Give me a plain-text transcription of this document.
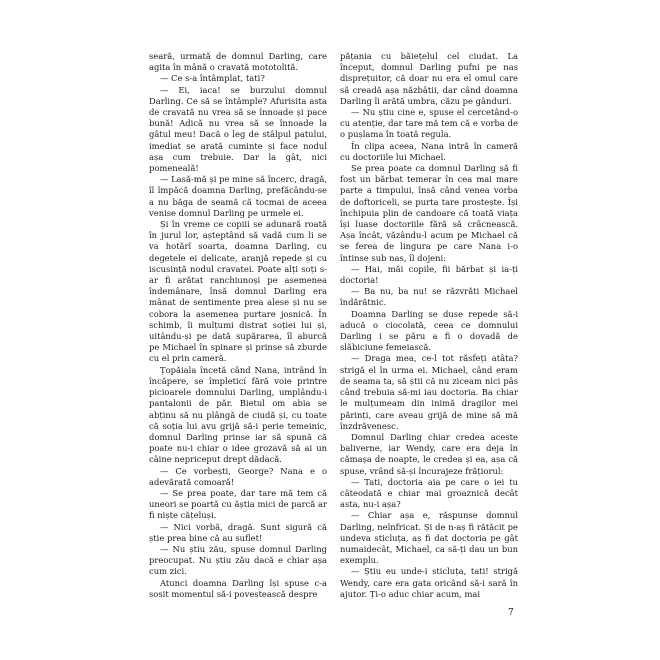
seară, urmată de domnul Darling, care agita în mână o cravată mototolită.

— Ce s-a întâmplat, tati?

— Ei, iaca! se burzului domnul Darling. Ce să se întâmple? Afurisita asta de cravată nu vrea să se înnoade și pace bună! Adică nu vrea să se înnoade la gâtul meu! Dacă o leg de stâlpul patului, imediat se arată cuminte și face nodul așa cum trebuie. Dar la gât, nici pomeneală!

— Lasă-mă și pe mine să încerc, dragă, îl împăcă doamna Darling, prefăcându-se a nu băga de seamă că tocmai de aceea venise domnul Darling pe urmele ei.

Și în vreme ce copiii se adunară roată în jurul lor, așteptând să vadă cum li se va hotărî soarta, doamna Darling, cu degetele ei delicate, aranjă repede și cu iscusință nodul cravatei. Poate alți soți s-ar fi arătat ranchiunoși pe asemenea îndemânare, însă domnul Darling era mânat de sentimente prea alese și nu se cobora la asemenea purtare josnică. În schimb, îi mulțumi distrat soției lui și, uitându-și pe dată supărarea, îl aburcă pe Michael în spinare și prinse să zburde cu el prin cameră.

Țopăiala încetă când Nana, intrând în încăpere, se împleticí fără voie printre picioarele domnului Darling, umplându-i pantalonii de păr. Bietul om abia se abținu să nu plângă de ciudă și, cu toate că soția lui avu grijă să-i perie temeinic, domnul Darling prinse iar să spună că poate nu-i chiar o idee grozavă să ai un câine nepriceput drept dădacă.

— Ce vorbești, George? Nana e o adevărată comoară!

— Se prea poate, dar tare mă tem că uneori se poartă cu ăștia mici de parcă ar fi niște cățeluși.

— Nici vorbă, dragă. Sunt sigură că știe prea bine că au suflet!

— Nu știu zău, spuse domnul Darling preocupat. Nu știu zău dacă e chiar așa cum zici.

Atunci doamna Darling își spuse c-a sosit momentul să-i povestească despre

pățania cu băiețelul cel ciudat. La început, domnul Darling pufni pe nas disprețuitor, că doar nu era el omul care să creadă așa năzbâtii, dar când doamna Darling îi arătă umbra, căzu pe gânduri.

— Nu știu cine e, spuse el cercetând-o cu atenție, dar tare mă tem că e vorba de o pușlama în toată regula.

În clipa aceea, Nana intră în cameră cu doctoriile lui Michael.

Se prea poate ca domnul Darling să fi fost un bărbat temerar în cea mai mare parte a timpului, însă când venea vorba de doftoriceli, se purta tare prostește. Își închipuia plin de candoare că toată viața își luase doctoriile fără să crâcnească. Așa încât, văzându-l acum pe Michael că se ferea de lingura pe care Nana i-o întinse sub nas, îl dojeni:

— Hai, măi copile, fii bărbat și ia-ți doctoria!

— Ba nu, ba nu! se răzvrăti Michael îndărătnic.

Doamna Darling se duse repede să-i aducă o ciocolată, ceea ce domnului Darling i se păru a fi o dovadă de slăbiciune femeiască.

— Draga mea, ce-l tot răsfeți atâta? strigă el în urma ei. Michael, când eram de seama ta, să știi că nu ziceam nici pâs când trebuia să-mi iau doctoria. Ba chiar le mulțumeam din inimă dragilor mei părinți, care aveau grijă de mine să mă înzdrăvenesc.

Domnul Darling chiar credea aceste baliverne, iar Wendy, care era deja în cămașa de noapte, le credea și ea, așa că spuse, vrând să-și încurajeze frățiorul:

— Tati, doctoria aia pe care o iei tu câteodată e chiar mai groaznică decât asta, nu-i așa?

— Chiar așa e, răspunse domnul Darling, neînfricat. Și de n-aș fi rătăcit pe undeva sticluța, aș fi dat doctoria pe gât numaidecât, Michael, ca să-ți dau un bun exemplu.

— Știu eu unde-i sticluța, tati! strigă Wendy, care era gata oricând să-i sară în ajutor. Ți-o aduc chiar acum, mai

7
